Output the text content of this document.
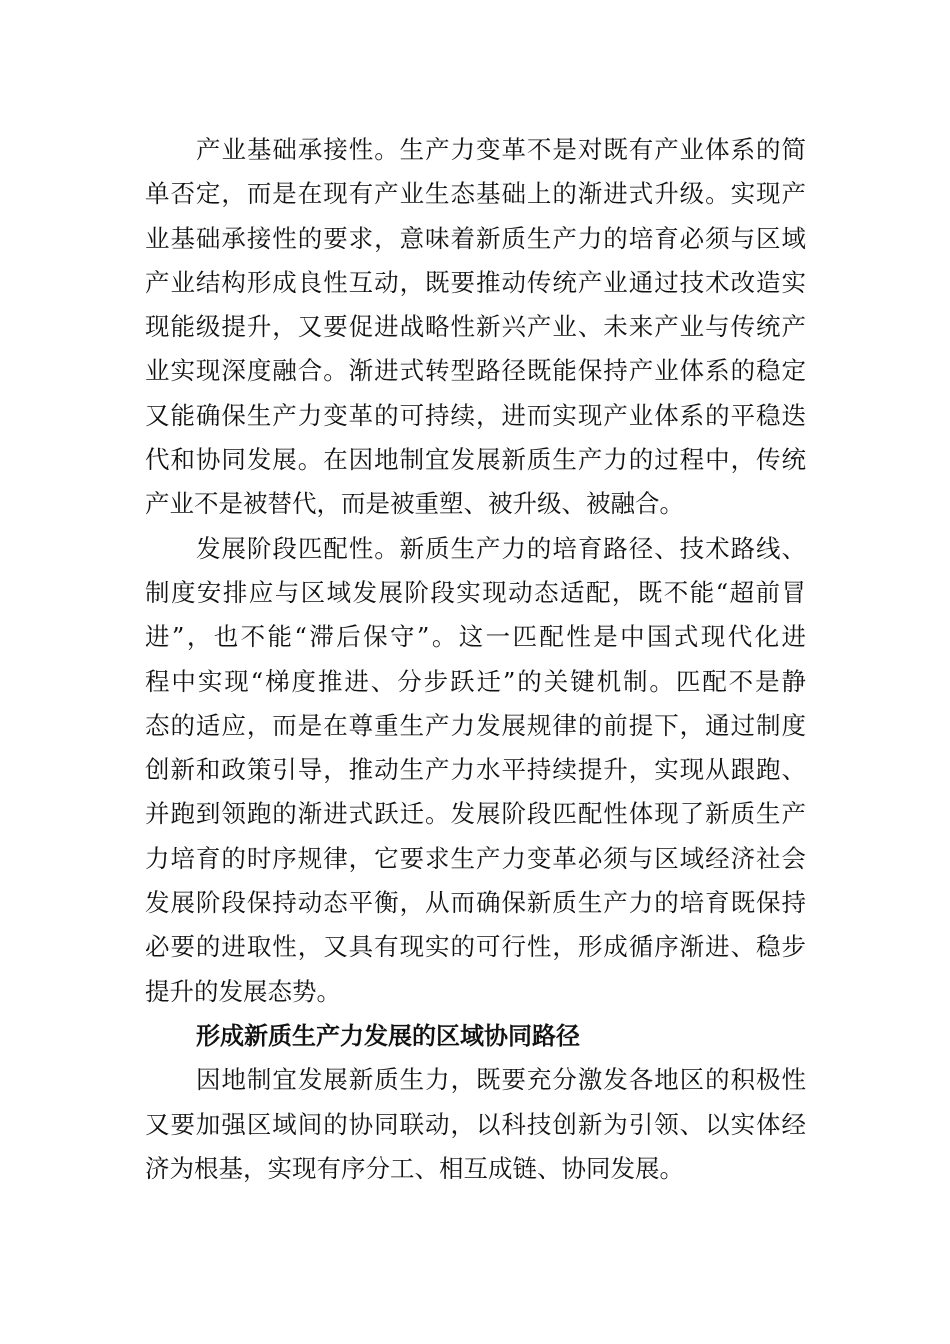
产业基础承接性。生产力变革不是对既有产业体系的简
单否定，而是在现有产业生态基础上的渐进式升级。实现产
业基础承接性的要求，意味着新质生产力的培育必须与区域
产业结构形成良性互动，既要推动传统产业通过技术改造实
现能级提升，又要促进战略性新兴产业、未来产业与传统产
业实现深度融合。渐进式转型路径既能保持产业体系的稳定
又能确保生产力变革的可持续，进而实现产业体系的平稳迭
代和协同发展。在因地制宜发展新质生产力的过程中，传统
产业不是被替代，而是被重塑、被升级、被融合。
发展阶段匹配性。新质生产力的培育路径、技术路线、
制度安排应与区域发展阶段实现动态适配，既不能“超前冒
进”，也不能“滞后保守”。这一匹配性是中国式现代化进
程中实现“梯度推进、分步跃迁”的关键机制。匹配不是静
态的适应，而是在尊重生产力发展规律的前提下，通过制度
创新和政策引导，推动生产力水平持续提升，实现从跟跑、
并跑到领跑的渐进式跃迁。发展阶段匹配性体现了新质生产
力培育的时序规律，它要求生产力变革必须与区域经济社会
发展阶段保持动态平衡，从而确保新质生产力的培育既保持
必要的进取性，又具有现实的可行性，形成循序渐进、稳步
提升的发展态势。
形成新质生产力发展的区域协同路径
因地制宜发展新质生力，既要充分激发各地区的积极性
又要加强区域间的协同联动，以科技创新为引领、以实体经
济为根基，实现有序分工、相互成链、协同发展。
